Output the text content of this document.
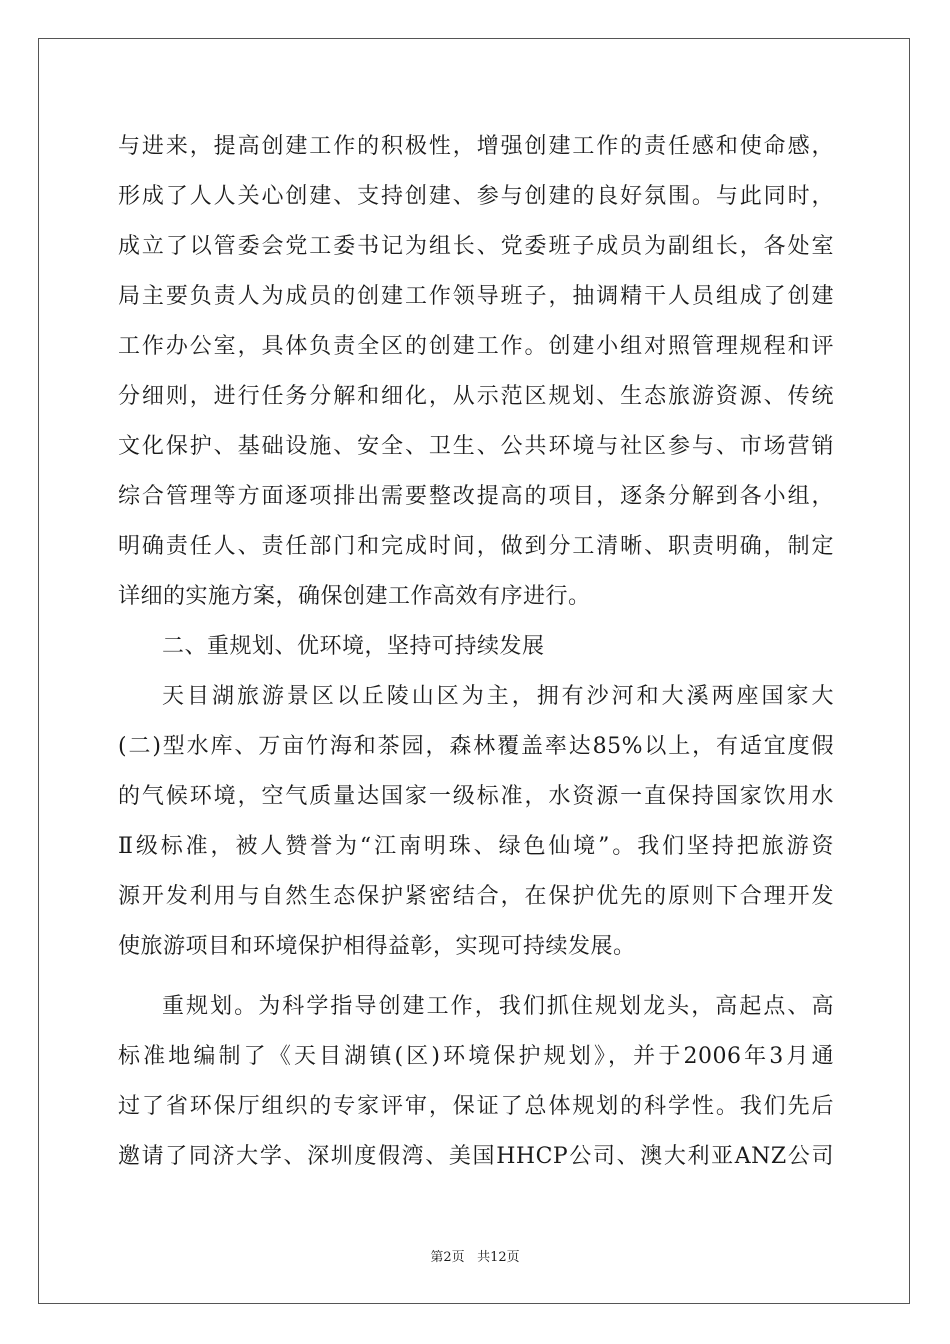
与进来，提高创建工作的积极性，增强创建工作的责任感和使命感，
形成了人人关心创建、支持创建、参与创建的良好氛围。与此同时，
成立了以管委会党工委书记为组长、党委班子成员为副组长，各处室
局主要负责人为成员的创建工作领导班子，抽调精干人员组成了创建
工作办公室，具体负责全区的创建工作。创建小组对照管理规程和评
分细则，进行任务分解和细化，从示范区规划、生态旅游资源、传统
文化保护、基础设施、安全、卫生、公共环境与社区参与、市场营销
综合管理等方面逐项排出需要整改提高的项目，逐条分解到各小组，
明确责任人、责任部门和完成时间，做到分工清晰、职责明确，制定
详细的实施方案，确保创建工作高效有序进行。
二、重规划、优环境，坚持可持续发展
天目湖旅游景区以丘陵山区为主，拥有沙河和大溪两座国家大
(二)型水库、万亩竹海和茶园，森林覆盖率达85%以上，有适宜度假
的气候环境，空气质量达国家一级标准，水资源一直保持国家饮用水
Ⅱ级标准，被人赞誉为“江南明珠、绿色仙境”。我们坚持把旅游资
源开发利用与自然生态保护紧密结合，在保护优先的原则下合理开发
使旅游项目和环境保护相得益彰，实现可持续发展。
重规划。为科学指导创建工作，我们抓住规划龙头，高起点、高
标准地编制了《天目湖镇(区)环境保护规划》，并于2006年3月通
过了省环保厅组织的专家评审，保证了总体规划的科学性。我们先后
邀请了同济大学、深圳度假湾、美国HHCP公司、澳大利亚ANZ公司
第2页 共12页
